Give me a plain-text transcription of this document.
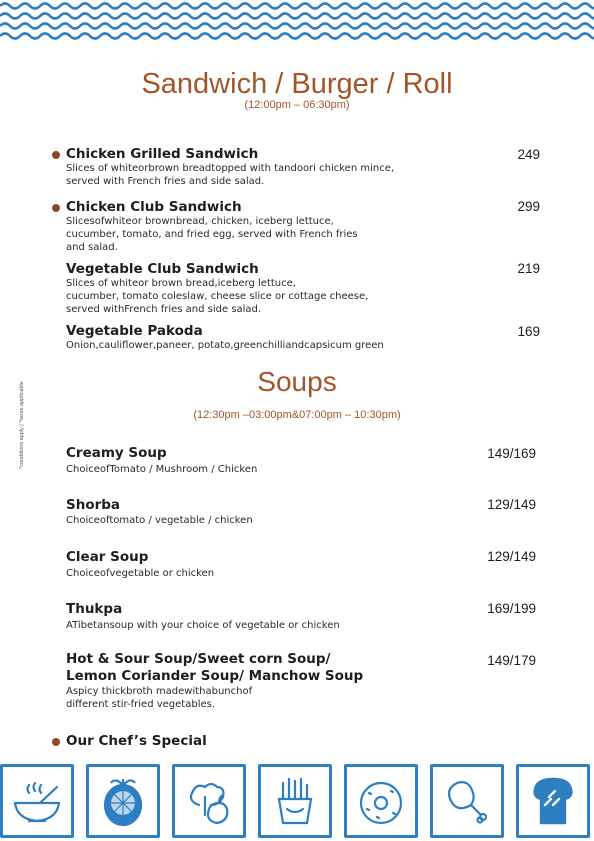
*conditions apply | *taxes applicable
Sandwich / Burger / Roll
(12:00pm – 06:30pm)
Chicken Grilled Sandwich
Slices of whiteorbrown breadtopped with tandoori chicken mince,
served with French fries and side salad.
249
Chicken Club Sandwich
Slicesofwhiteor brownbread, chicken, iceberg lettuce,
cucumber, tomato, and fried egg, served with French fries
and salad.
299
Vegetable Club Sandwich
Slices of whiteor brown bread,iceberg lettuce,
cucumber, tomato coleslaw, cheese slice or cottage cheese,
served withFrench fries and side salad.
219
Vegetable Pakoda
Onion,cauliflower,paneer, potato,greenchilliandcapsicum green
169
Soups
(12:30pm –03:00pm&07:00pm – 10:30pm)
Creamy Soup
ChoiceofTomato / Mushroom / Chicken
149/169
Shorba
Choiceoftomato / vegetable / chicken
129/149
Clear Soup
Choiceofvegetable or chicken
129/149
Thukpa
ATibetansoup with your choice of vegetable or chicken
169/199
Hot & Sour Soup/Sweet corn Soup/
Lemon Coriander Soup/ Manchow Soup
Aspicy thickbroth madewithabunchof
different stir-fried vegetables.
149/179
Our Chef’s Special
